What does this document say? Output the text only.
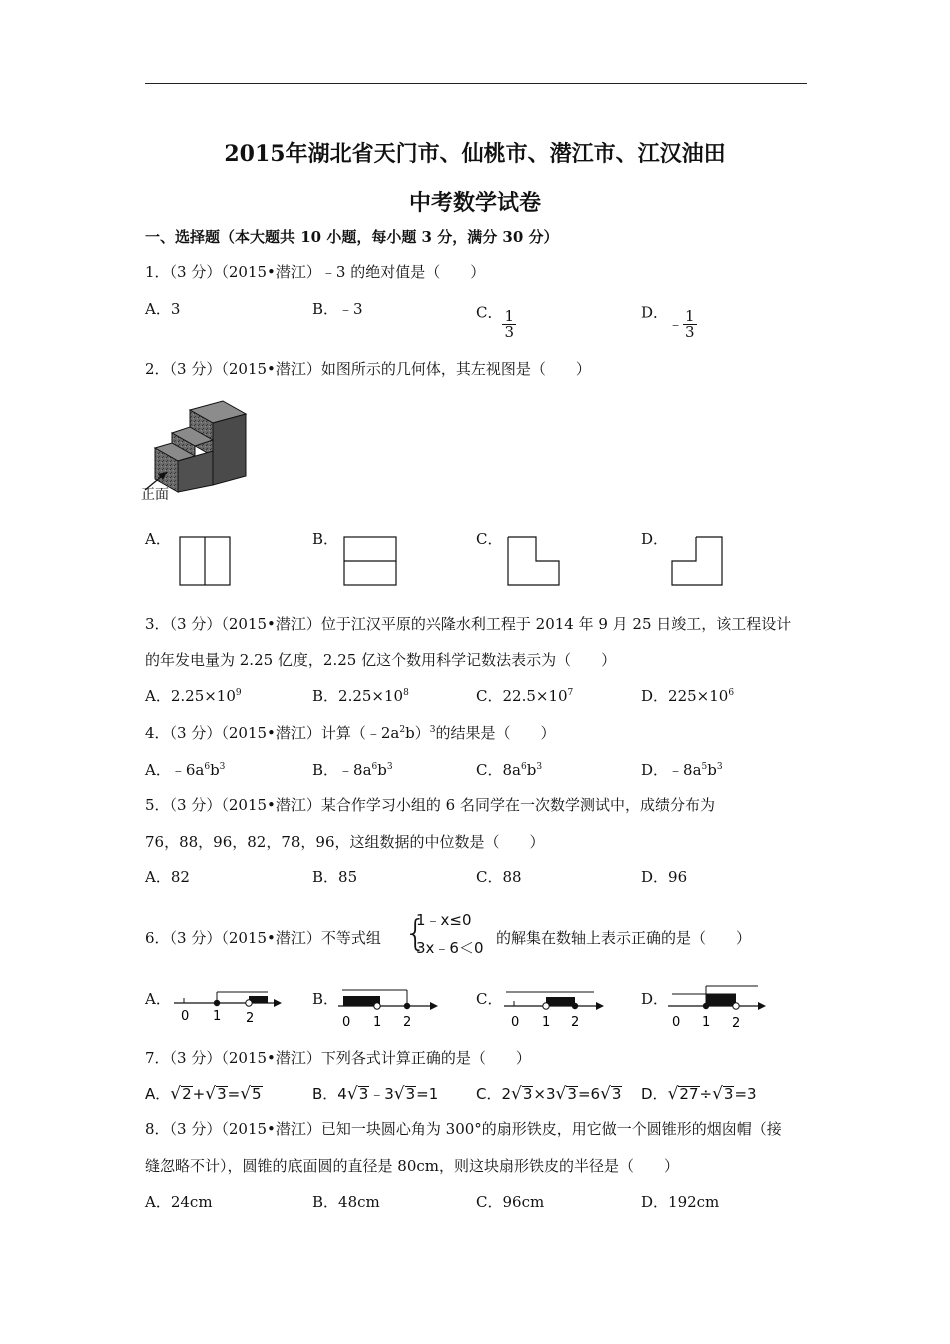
2015年湖北省天门市、仙桃市、潜江市、江汉油田
中考数学试卷
一、选择题（本大题共 10 小题，每小题 3 分，满分 30 分）
1．（3 分）（2015•潜江）﹣3 的绝对值是（　　）
A．3	B．﹣3	C． $\frac{1}{3}$	D．﹣ $\frac{1}{3}$
2．（3 分）（2015•潜江）如图所示的几何体，其左视图是（　　）
正面
A．	B．	C．	D．
3．（3 分）（2015•潜江）位于江汉平原的兴隆水利工程于 2014 年 9 月 25 日竣工，该工程设计
的年发电量为 2.25 亿度，2.25 亿这个数用科学记数法表示为（　　）
A．$2.25\times 10^9$	B．$2.25\times 10^8$	C．$22.5\times 10^7$	D．$225\times 10^6$
4．（3 分）（2015•潜江）计算$(﹣2a^2b)^3$的结果是（　　）
A．$﹣6a^6b^3$	B．$﹣8a^6b^3$	C．$8a^6b^3$	D．$﹣8a^5b^3$
5．（3 分）（2015•潜江）某合作学习小组的 6 名同学在一次数学测试中，成绩分布为
76，88，96，82，78，96，这组数据的中位数是（　　）
A．82	B．85	C．88	D．96
6．（3 分）（2015•潜江）不等式组 {
1﹣x≤0
3x﹣6＜0
的解集在数轴上表示正确的是（　　）
A．
0 1 2
B．
0 1 2
C．
0 1 2
D．
0 1 2
7．（3 分）（2015•潜江）下列各式计算正确的是（　　）
A．√2+√3=√5	B．4√3﹣3√3=1	C．2√3×3√3=6√3 D．√27÷√3=3
8．（3 分）（2015•潜江）已知一块圆心角为 300°的扇形铁皮，用它做一个圆锥形的烟囱帽（接
缝忽略不计），圆锥的底面圆的直径是 80cm，则这块扇形铁皮的半径是（　　）
A．24cm	B．48cm	C．96cm	D．192cm
